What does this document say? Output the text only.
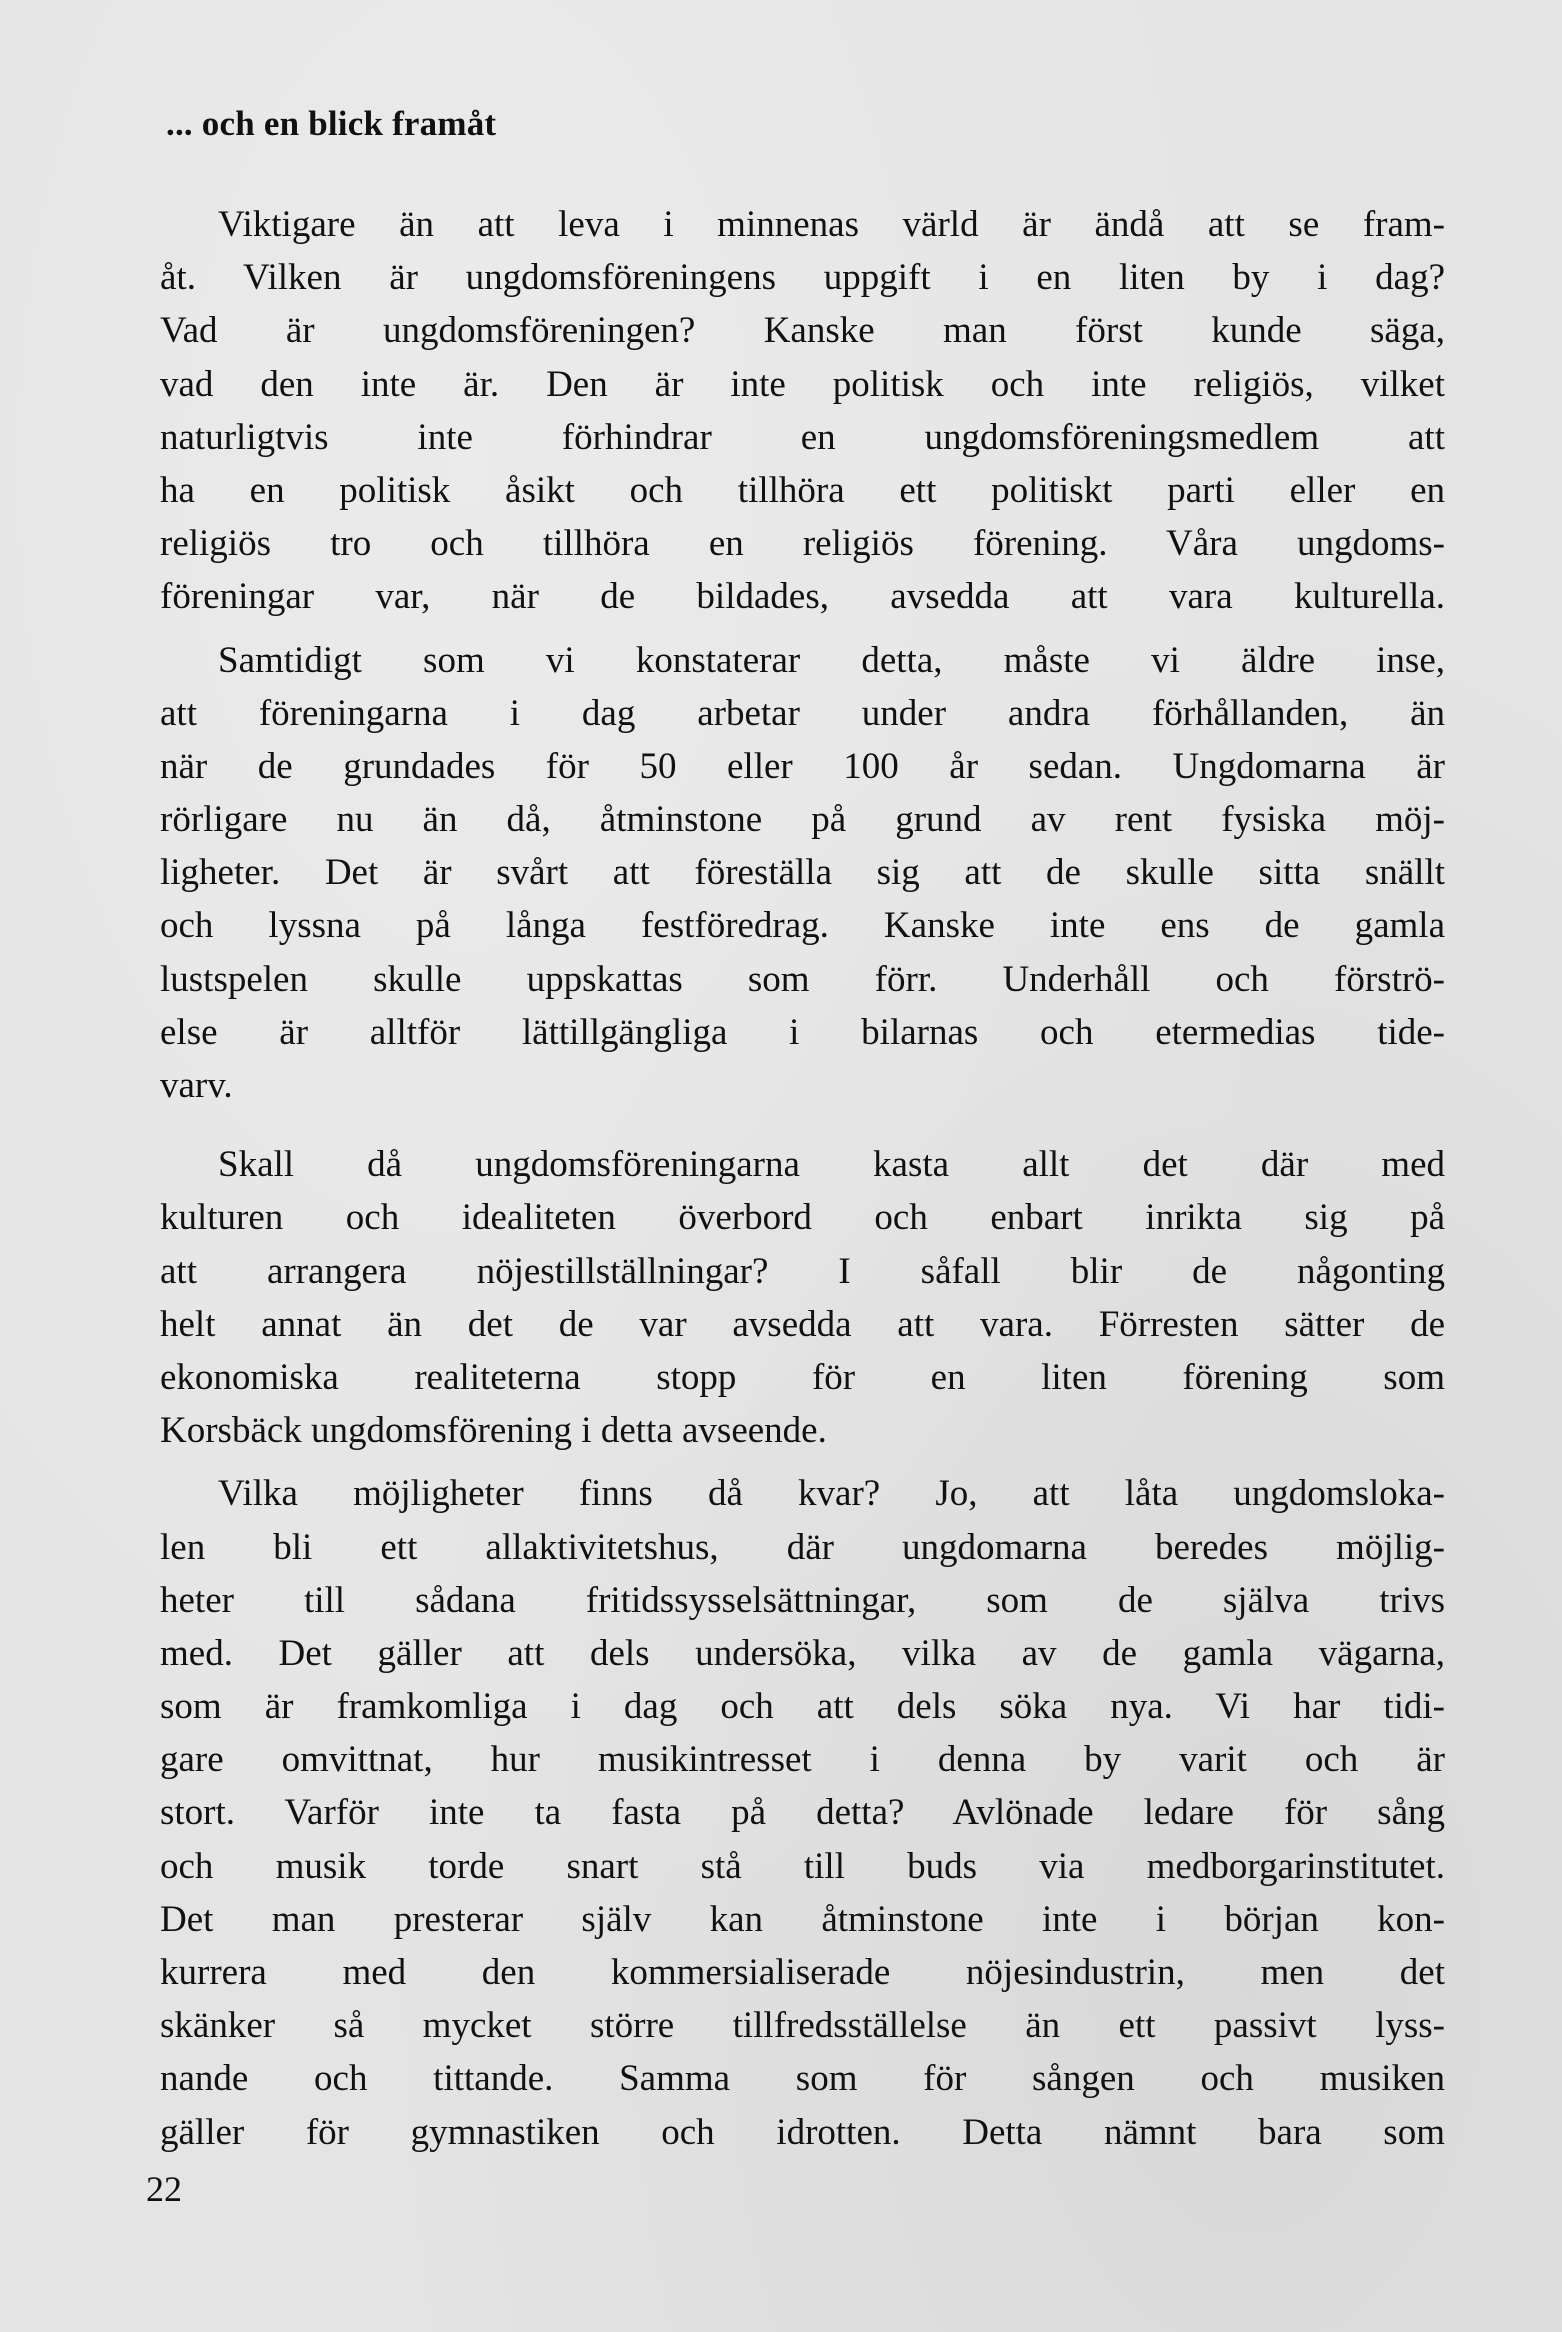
... och en blick framåt
Viktigare än att leva i minnenas värld är ändå att se fram-
åt. Vilken är ungdomsföreningens uppgift i en liten by i dag?
Vad är ungdomsföreningen? Kanske man först kunde säga,
vad den inte är. Den är inte politisk och inte religiös, vilket
naturligtvis inte förhindrar en ungdomsföreningsmedlem att
ha en politisk åsikt och tillhöra ett politiskt parti eller en
religiös tro och tillhöra en religiös förening. Våra ungdoms-
föreningar var, när de bildades, avsedda att vara kulturella.
Samtidigt som vi konstaterar detta, måste vi äldre inse,
att föreningarna i dag arbetar under andra förhållanden, än
när de grundades för 50 eller 100 år sedan. Ungdomarna är
rörligare nu än då, åtminstone på grund av rent fysiska möj-
ligheter. Det är svårt att föreställa sig att de skulle sitta snällt
och lyssna på långa festföredrag. Kanske inte ens de gamla
lustspelen skulle uppskattas som förr. Underhåll och förströ-
else är alltför lättillgängliga i bilarnas och etermedias tide-
varv.
Skall då ungdomsföreningarna kasta allt det där med
kulturen och idealiteten överbord och enbart inrikta sig på
att arrangera nöjestillställningar? I såfall blir de någonting
helt annat än det de var avsedda att vara. Förresten sätter de
ekonomiska realiteterna stopp för en liten förening som
Korsbäck ungdomsförening i detta avseende.
Vilka möjligheter finns då kvar? Jo, att låta ungdomsloka-
len bli ett allaktivitetshus, där ungdomarna beredes möjlig-
heter till sådana fritidssysselsättningar, som de själva trivs
med. Det gäller att dels undersöka, vilka av de gamla vägarna,
som är framkomliga i dag och att dels söka nya. Vi har tidi-
gare omvittnat, hur musikintresset i denna by varit och är
stort. Varför inte ta fasta på detta? Avlönade ledare för sång
och musik torde snart stå till buds via medborgarinstitutet.
Det man presterar själv kan åtminstone inte i början kon-
kurrera med den kommersialiserade nöjesindustrin, men det
skänker så mycket större tillfredsställelse än ett passivt lyss-
nande och tittande. Samma som för sången och musiken
gäller för gymnastiken och idrotten. Detta nämnt bara som
22
